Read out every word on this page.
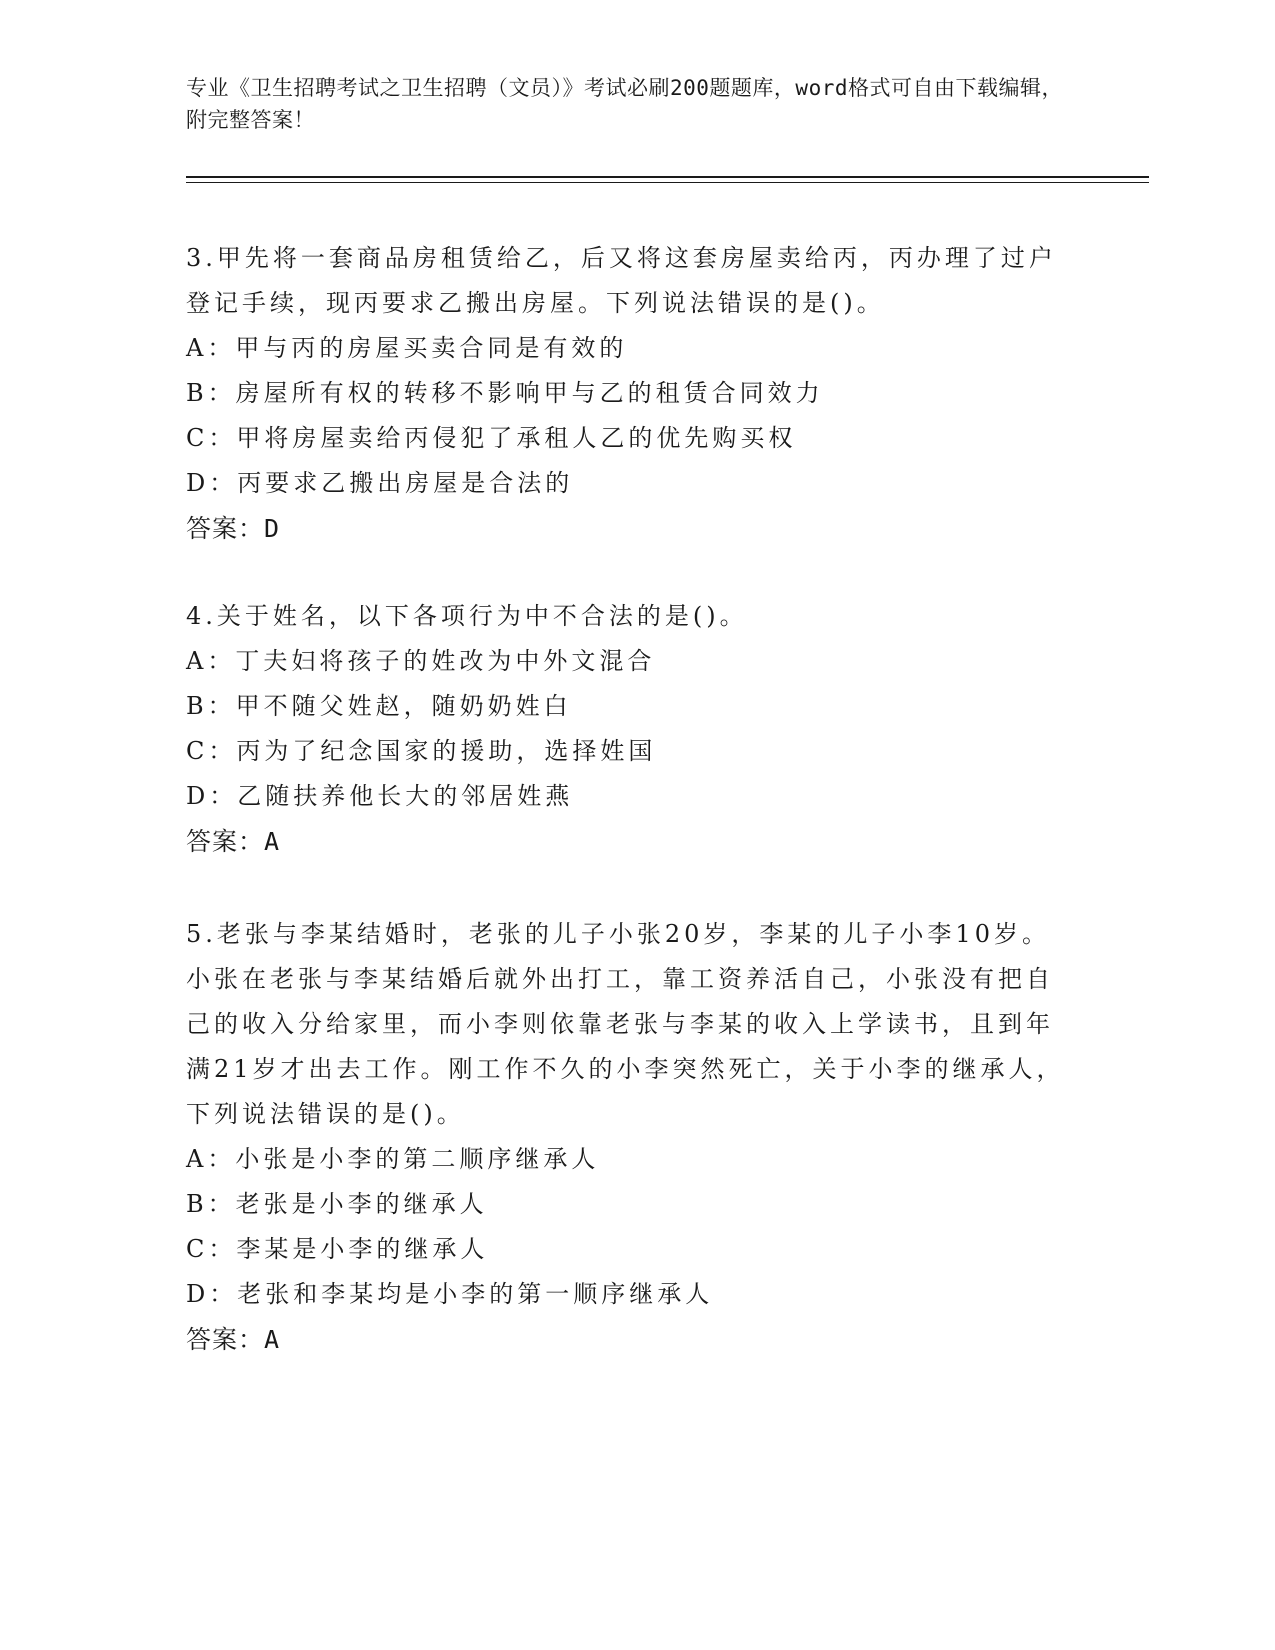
专业《卫生招聘考试之卫生招聘（文员）》考试必刷200题题库，word格式可自由下载编辑，附完整答案！

3.甲先将一套商品房租赁给乙，后又将这套房屋卖给丙，丙办理了过户登记手续，现丙要求乙搬出房屋。下列说法错误的是()。

A：甲与丙的房屋买卖合同是有效的

B：房屋所有权的转移不影响甲与乙的租赁合同效力

C：甲将房屋卖给丙侵犯了承租人乙的优先购买权

D：丙要求乙搬出房屋是合法的

答案：D

4.关于姓名，以下各项行为中不合法的是()。

A：丁夫妇将孩子的姓改为中外文混合

B：甲不随父姓赵，随奶奶姓白

C：丙为了纪念国家的援助，选择姓国

D：乙随扶养他长大的邻居姓燕

答案：A

5.老张与李某结婚时，老张的儿子小张20岁，李某的儿子小李10岁。小张在老张与李某结婚后就外出打工，靠工资养活自己，小张没有把自己的收入分给家里，而小李则依靠老张与李某的收入上学读书，且到年满21岁才出去工作。刚工作不久的小李突然死亡，关于小李的继承人，下列说法错误的是()。

A：小张是小李的第二顺序继承人

B：老张是小李的继承人

C：李某是小李的继承人

D：老张和李某均是小李的第一顺序继承人

答案：A
